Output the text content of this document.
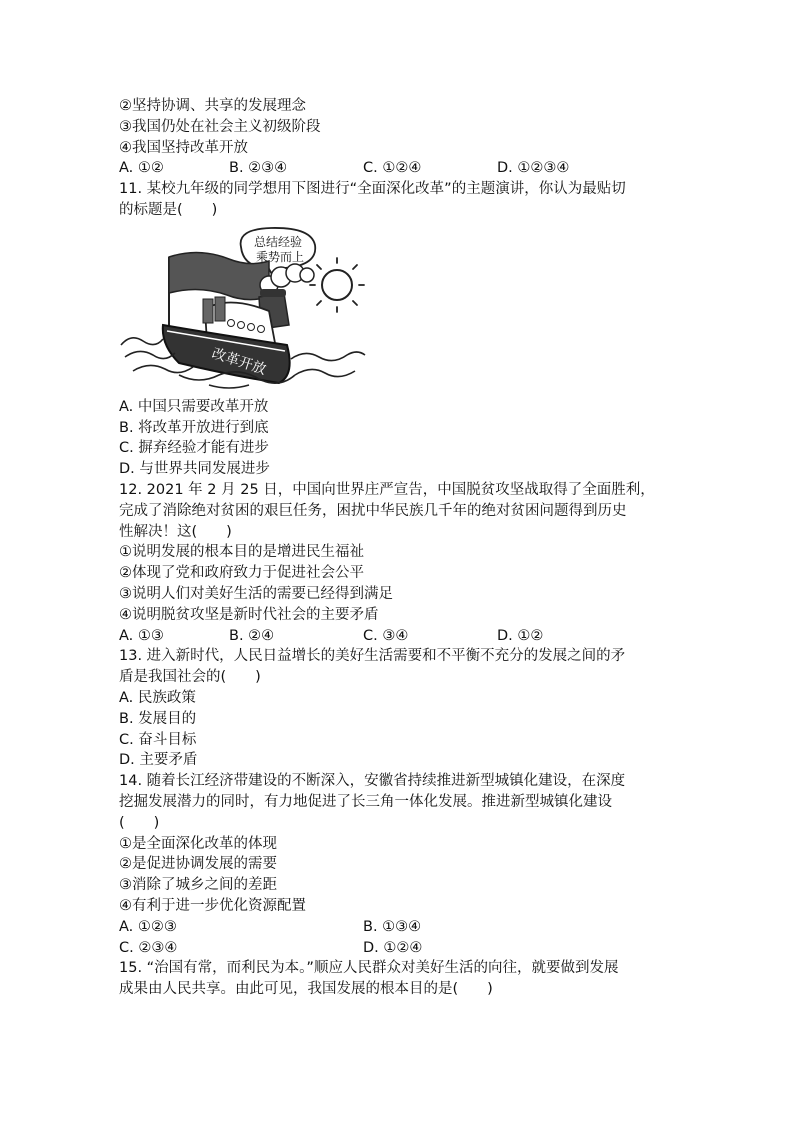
②坚持协调、共享的发展理念
③我国仍处在社会主义初级阶段
④我国坚持改革开放
A. ①②	B. ②③④	C. ①②④	D. ①②③④
11. 某校九年级的同学想用下图进行“全面深化改革”的主题演讲，你认为最贴切
的标题是(　　)
总结经验
乘势而上
改革开放
A. 中国只需要改革开放
B. 将改革开放进行到底
C. 摒弃经验才能有进步
D. 与世界共同发展进步
12. 2021 年 2 月 25 日，中国向世界庄严宣告，中国脱贫攻坚战取得了全面胜利，
完成了消除绝对贫困的艰巨任务，困扰中华民族几千年的绝对贫困问题得到历史
性解决！这(　　)
①说明发展的根本目的是增进民生福祉
②体现了党和政府致力于促进社会公平
③说明人们对美好生活的需要已经得到满足
④说明脱贫攻坚是新时代社会的主要矛盾
A. ①③	B. ②④	C. ③④	D. ①②
13. 进入新时代，人民日益增长的美好生活需要和不平衡不充分的发展之间的矛
盾是我国社会的(　　)
A. 民族政策
B. 发展目的
C. 奋斗目标
D. 主要矛盾
14. 随着长江经济带建设的不断深入，安徽省持续推进新型城镇化建设，在深度
挖掘发展潜力的同时，有力地促进了长三角一体化发展。推进新型城镇化建设
(　　)
①是全面深化改革的体现
②是促进协调发展的需要
③消除了城乡之间的差距
④有利于进一步优化资源配置
A. ①②③	B. ①③④
C. ②③④	D. ①②④
15. “治国有常，而利民为本。”顺应人民群众对美好生活的向往，就要做到发展
成果由人民共享。由此可见，我国发展的根本目的是(　　)
